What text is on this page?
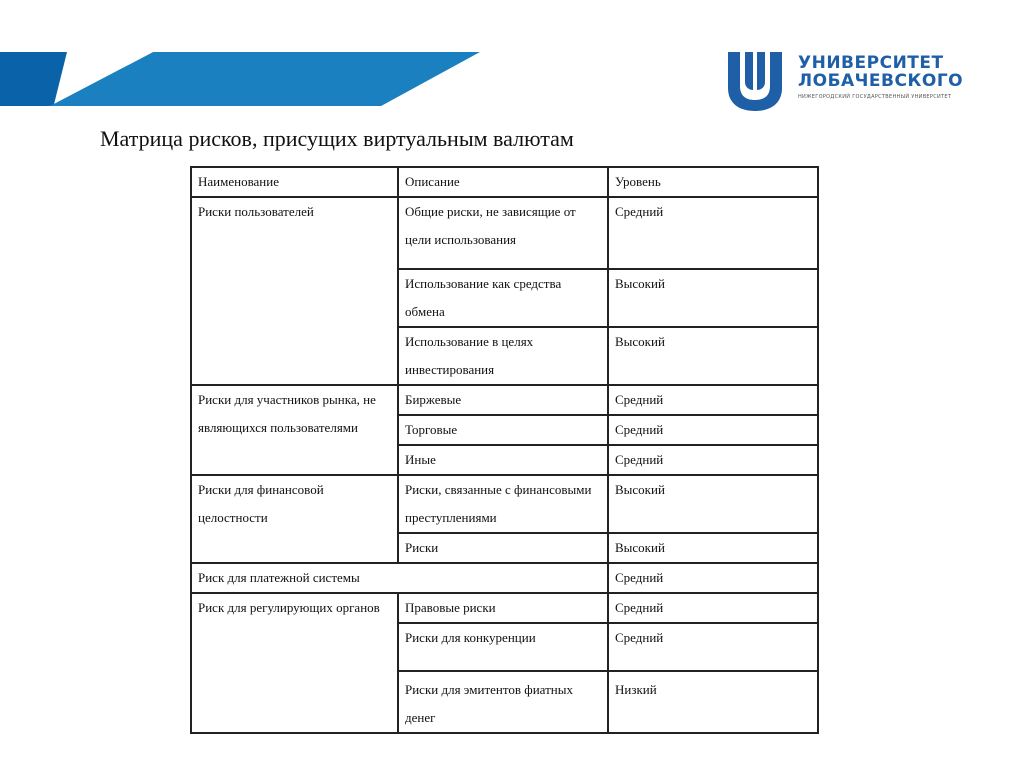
УНИВЕРСИТЕТ
ЛОБАЧЕВСКОГО
НИЖЕГОРОДСКИЙ ГОСУДАРСТВЕННЫЙ УНИВЕРСИТЕТ
Матрица рисков, присущих виртуальным валютам
Наименование	Описание	Уровень
Риски пользователей	Общие риски, не зависящие от цели использования	Средний
	Использование как средства обмена	Высокий
	Использование в целях инвестирования	Высокий
Риски для участников рынка, не являющихся пользователями	Биржевые	Средний
	Торговые	Средний
	Иные	Средний
Риски для финансовой целостности	Риски, связанные с финансовыми преступлениями	Высокий
	Риски	Высокий
Риск для платежной системы		Средний
Риск для регулирующих органов	Правовые риски	Средний
	Риски для конкуренции	Средний
	Риски для эмитентов фиатных денег	Низкий
